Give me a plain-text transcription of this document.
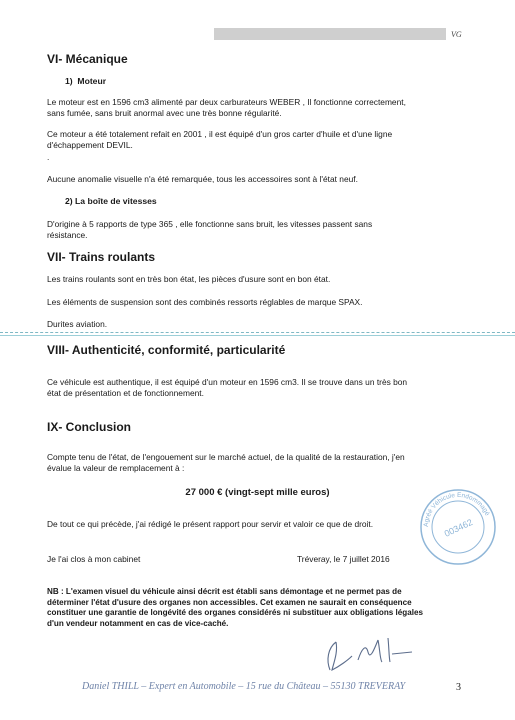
VG
VI- Mécanique
1)  Moteur
Le moteur est en 1596 cm3 alimenté par deux carburateurs WEBER , Il fonctionne correctement,
sans fumée, sans bruit anormal avec une très bonne régularité.
Ce moteur a été totalement refait en 2001 , il est équipé d'un gros carter d'huile et d'une ligne
d'échappement DEVIL.
.
Aucune anomalie visuelle n'a été remarquée, tous les accessoires sont à l'état neuf.
2) La boîte de vitesses
D'origine à 5 rapports de type 365 , elle fonctionne sans bruit, les vitesses passent sans
résistance.
VII- Trains roulants
Les trains roulants sont en très bon état, les pièces d'usure sont en bon état.
Les éléments de suspension sont des combinés ressorts réglables de marque SPAX.
Durites aviation.
VIII- Authenticité, conformité, particularité
Ce véhicule est authentique, il est équipé d'un moteur en 1596 cm3. Il se trouve dans un très bon
état de présentation et de fonctionnement.
IX- Conclusion
Compte tenu de l'état, de l'engouement sur le marché actuel, de la qualité de la restauration, j'en
évalue la valeur de remplacement à :
27 000 € (vingt-sept mille euros)
De tout ce qui précède, j'ai rédigé le présent rapport pour servir et valoir ce que de droit.
Je l'ai clos à mon cabinet	Tréveray, le 7 juillet 2016
NB : L'examen visuel du véhicule ainsi décrit est établi sans démontage et ne permet pas de
déterminer l'état d'usure des organes non accessibles. Cet examen ne saurait en conséquence
constituer une garantie de longévité des organes considérés ni substituer aux obligations légales
d'un vendeur notamment en cas de vice-caché.
Agréé Véhicule Endommagé
003462
Daniel THILL – Expert en Automobile – 15 rue du Château – 55130 TREVERAY	3
